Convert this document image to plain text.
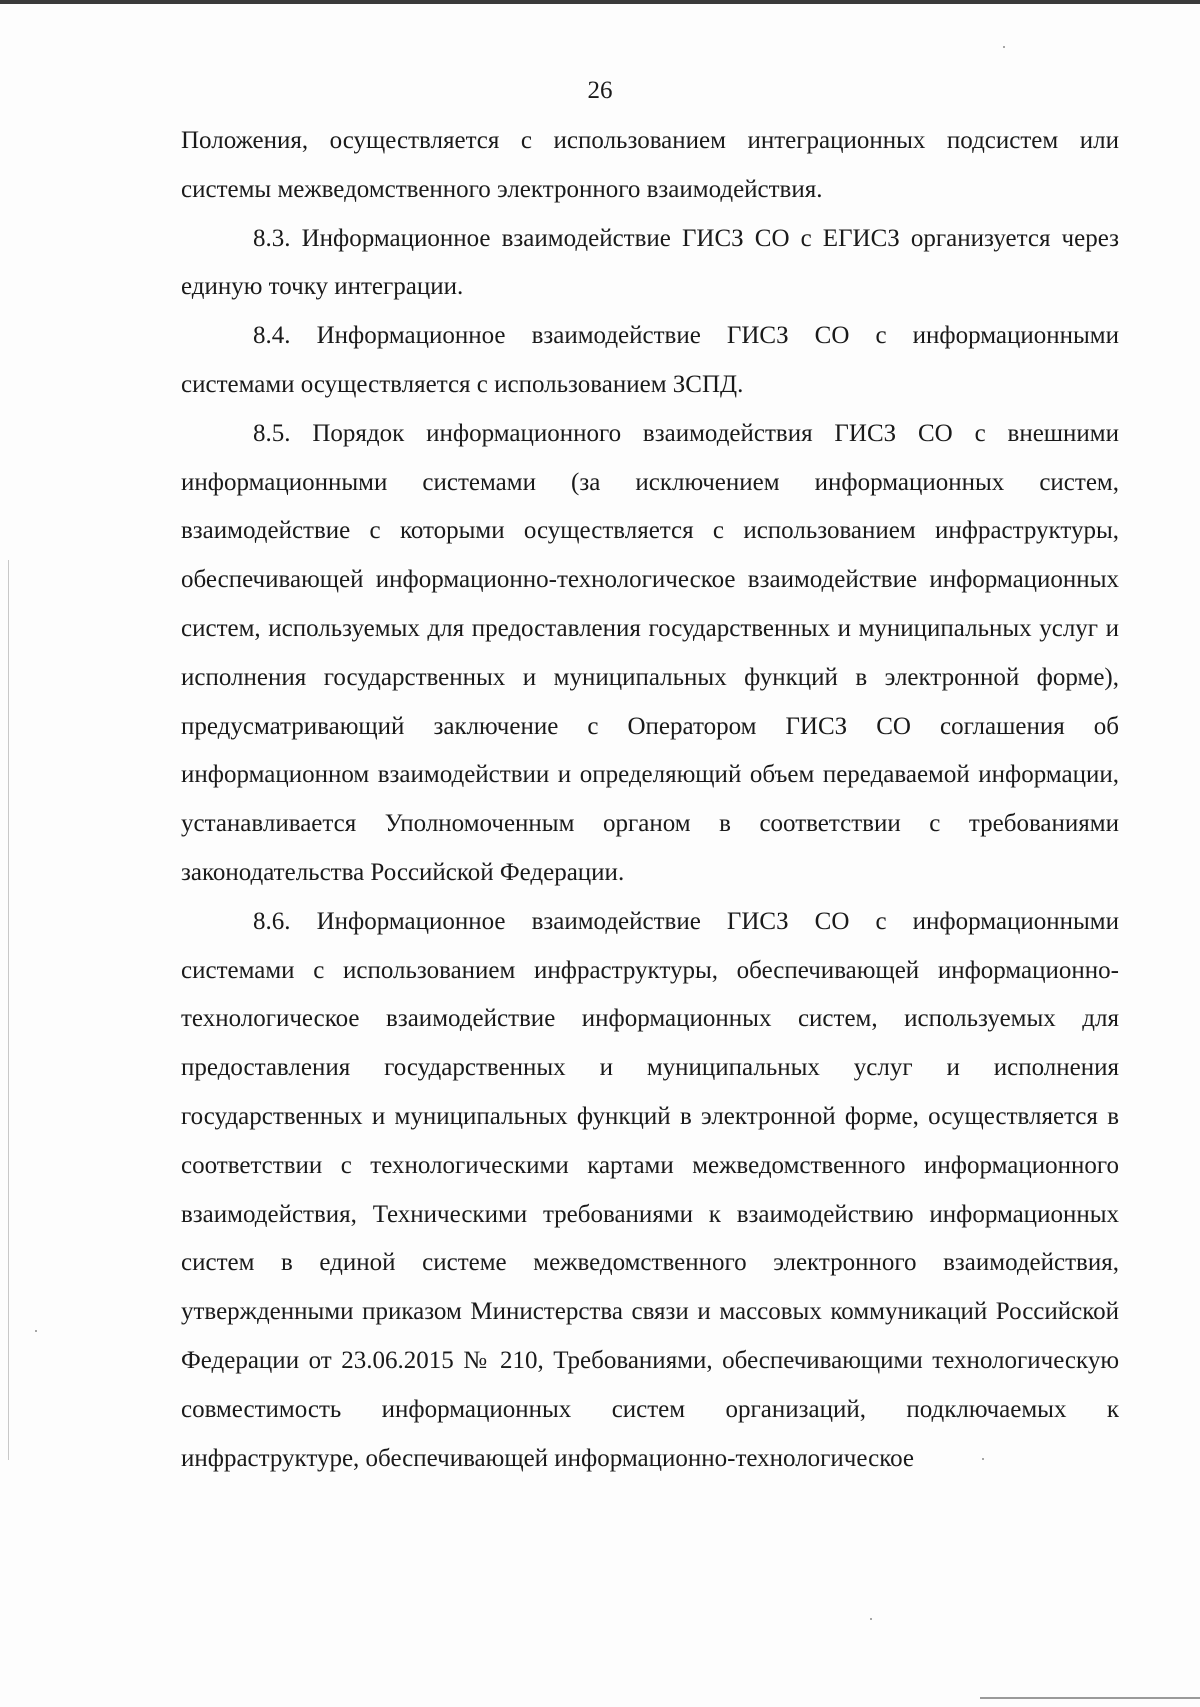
26

Положения, осуществляется с использованием интеграционных подсистем или системы межведомственного электронного взаимодействия.

8.3. Информационное взаимодействие ГИСЗ СО с ЕГИСЗ организуется через единую точку интеграции.

8.4. Информационное взаимодействие ГИСЗ СО с информационными системами осуществляется с использованием ЗСПД.

8.5. Порядок информационного взаимодействия ГИСЗ СО с внешними информационными системами (за исключением информационных систем, взаимодействие с которыми осуществляется с использованием инфраструктуры, обеспечивающей информационно-технологическое взаимодействие информационных систем, используемых для предоставления государственных и муниципальных услуг и исполнения государственных и муниципальных функций в электронной форме), предусматривающий заключение с Оператором ГИСЗ СО соглашения об информационном взаимодействии и определяющий объем передаваемой информации, устанавливается Уполномоченным органом в соответствии с требованиями законодательства Российской Федерации.

8.6. Информационное взаимодействие ГИСЗ СО с информационными системами с использованием инфраструктуры, обеспечивающей информационно-технологическое взаимодействие информационных систем, используемых для предоставления государственных и муниципальных услуг и исполнения государственных и муниципальных функций в электронной форме, осуществляется в соответствии с технологическими картами межведомственного информационного взаимодействия, Техническими требованиями к взаимодействию информационных систем в единой системе межведомственного электронного взаимодействия, утвержденными приказом Министерства связи и массовых коммуникаций Российской Федерации от 23.06.2015 № 210, Требованиями, обеспечивающими технологическую совместимость информационных систем организаций, подключаемых к инфраструктуре, обеспечивающей информационно-технологическое
